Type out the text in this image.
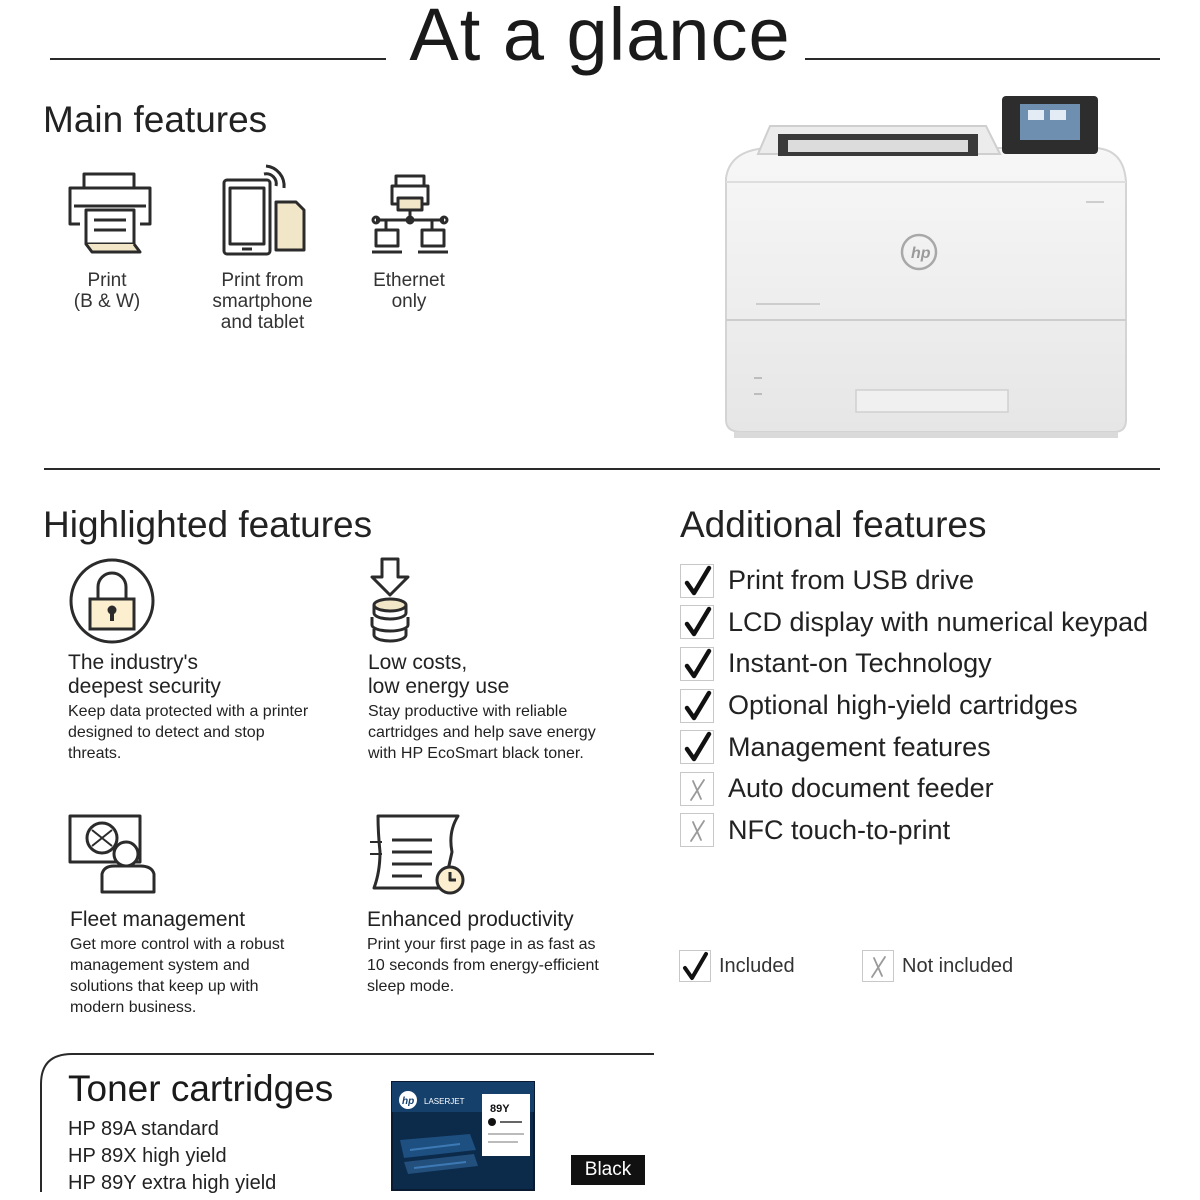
At a glance
Main features
Print
(B & W)
Print from
smartphone
and tablet
Ethernet
only
hp
Highlighted features
The industry's
deepest security
Keep data protected with a printer
designed to detect and stop
threats.
Low costs,
low energy use
Stay productive with reliable
cartridges and help save energy
with HP EcoSmart black toner.
Fleet management
Get more control with a robust
management system and
solutions that keep up with
modern business.
Enhanced productivity
Print your first page in as fast as
10 seconds from energy-efficient
sleep mode.
Additional features
Print from USB drive
LCD display with numerical keypad
Instant-on Technology
Optional high-yield cartridges
Management features
Auto document feeder
NFC touch-to-print
Included	Not included
Toner cartridges
HP 89A standard
HP 89X high yield
HP 89Y extra high yield
hp LASERJET
89Y
Black
